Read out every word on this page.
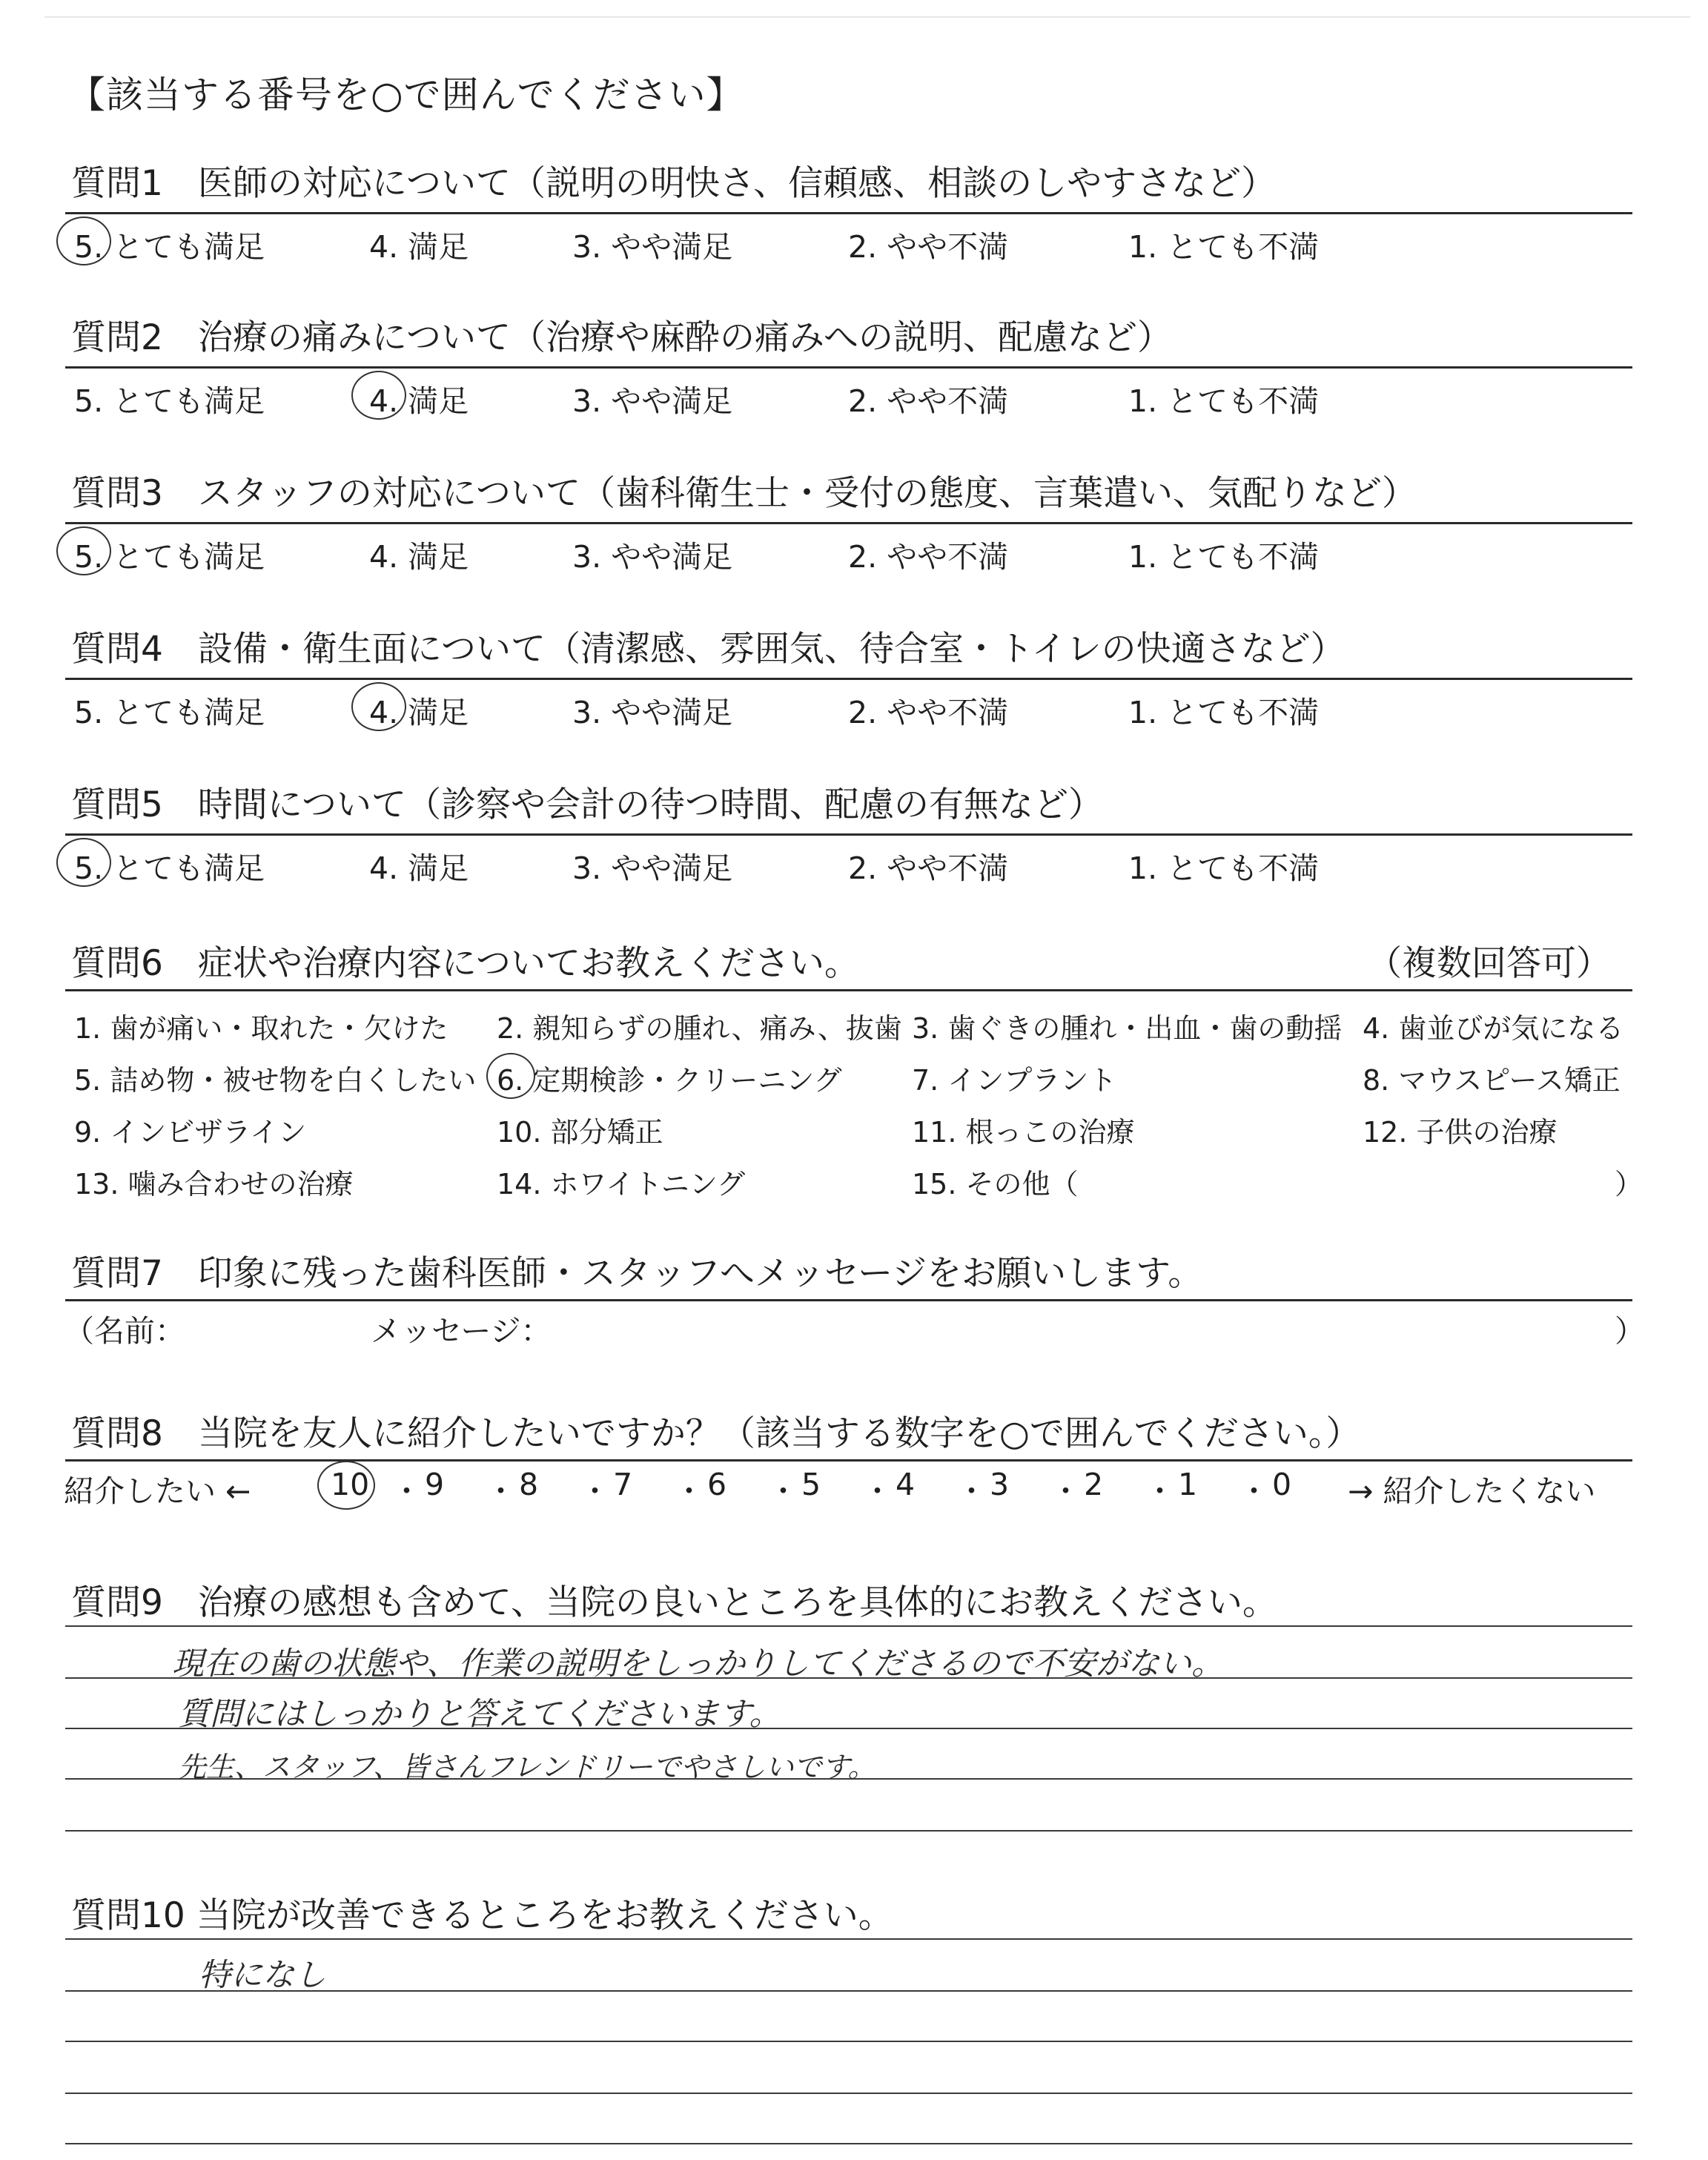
【該当する番号を○で囲んでください】
質問1　医師の対応について（説明の明快さ、信頼感、相談のしやすさなど）
5. とても満足	4. 満足	3. やや満足	2. やや不満	1. とても不満
質問2　治療の痛みについて（治療や麻酔の痛みへの説明、配慮など）
5. とても満足	4. 満足	3. やや満足	2. やや不満	1. とても不満
質問3　スタッフの対応について（歯科衛生士・受付の態度、言葉遣い、気配りなど）
5. とても満足	4. 満足	3. やや満足	2. やや不満	1. とても不満
質問4　設備・衛生面について（清潔感、雰囲気、待合室・トイレの快適さなど）
5. とても満足	4. 満足	3. やや満足	2. やや不満	1. とても不満
質問5　時間について（診察や会計の待つ時間、配慮の有無など）
5. とても満足	4. 満足	3. やや満足	2. やや不満	1. とても不満
質問6　症状や治療内容についてお教えください。	（複数回答可）
1. 歯が痛い・取れた・欠けた 2. 親知らずの腫れ、痛み、抜歯 3. 歯ぐきの腫れ・出血・歯の動揺 4. 歯並びが気になる
5. 詰め物・被せ物を白くしたい 6. 定期検診・クリーニング 7. インプラント	8. マウスピース矯正
9. インビザライン	10. 部分矯正	11. 根っこの治療	12. 子供の治療
13. 噛み合わせの治療	14. ホワイトニング	15. その他（	）
質問7　印象に残った歯科医師・スタッフへメッセージをお願いします。
（名前：	メッセージ：	）
質問8　当院を友人に紹介したいですか？（該当する数字を○で囲んでください。）
紹介したい ←	10 ・ 9 ・ 8 ・ 7 ・ 6 ・ 5 ・ 4 ・ 3 ・ 2 ・ 1 ・ 0 → 紹介したくない
質問9　治療の感想も含めて、当院の良いところを具体的にお教えください。
現在の歯の状態や、作業の説明をしっかりしてくださるので不安がない。
質問にはしっかりと答えてくださいます。
先生、スタッフ、皆さんフレンドリーでやさしいです。
質問10 当院が改善できるところをお教えください。
特になし
